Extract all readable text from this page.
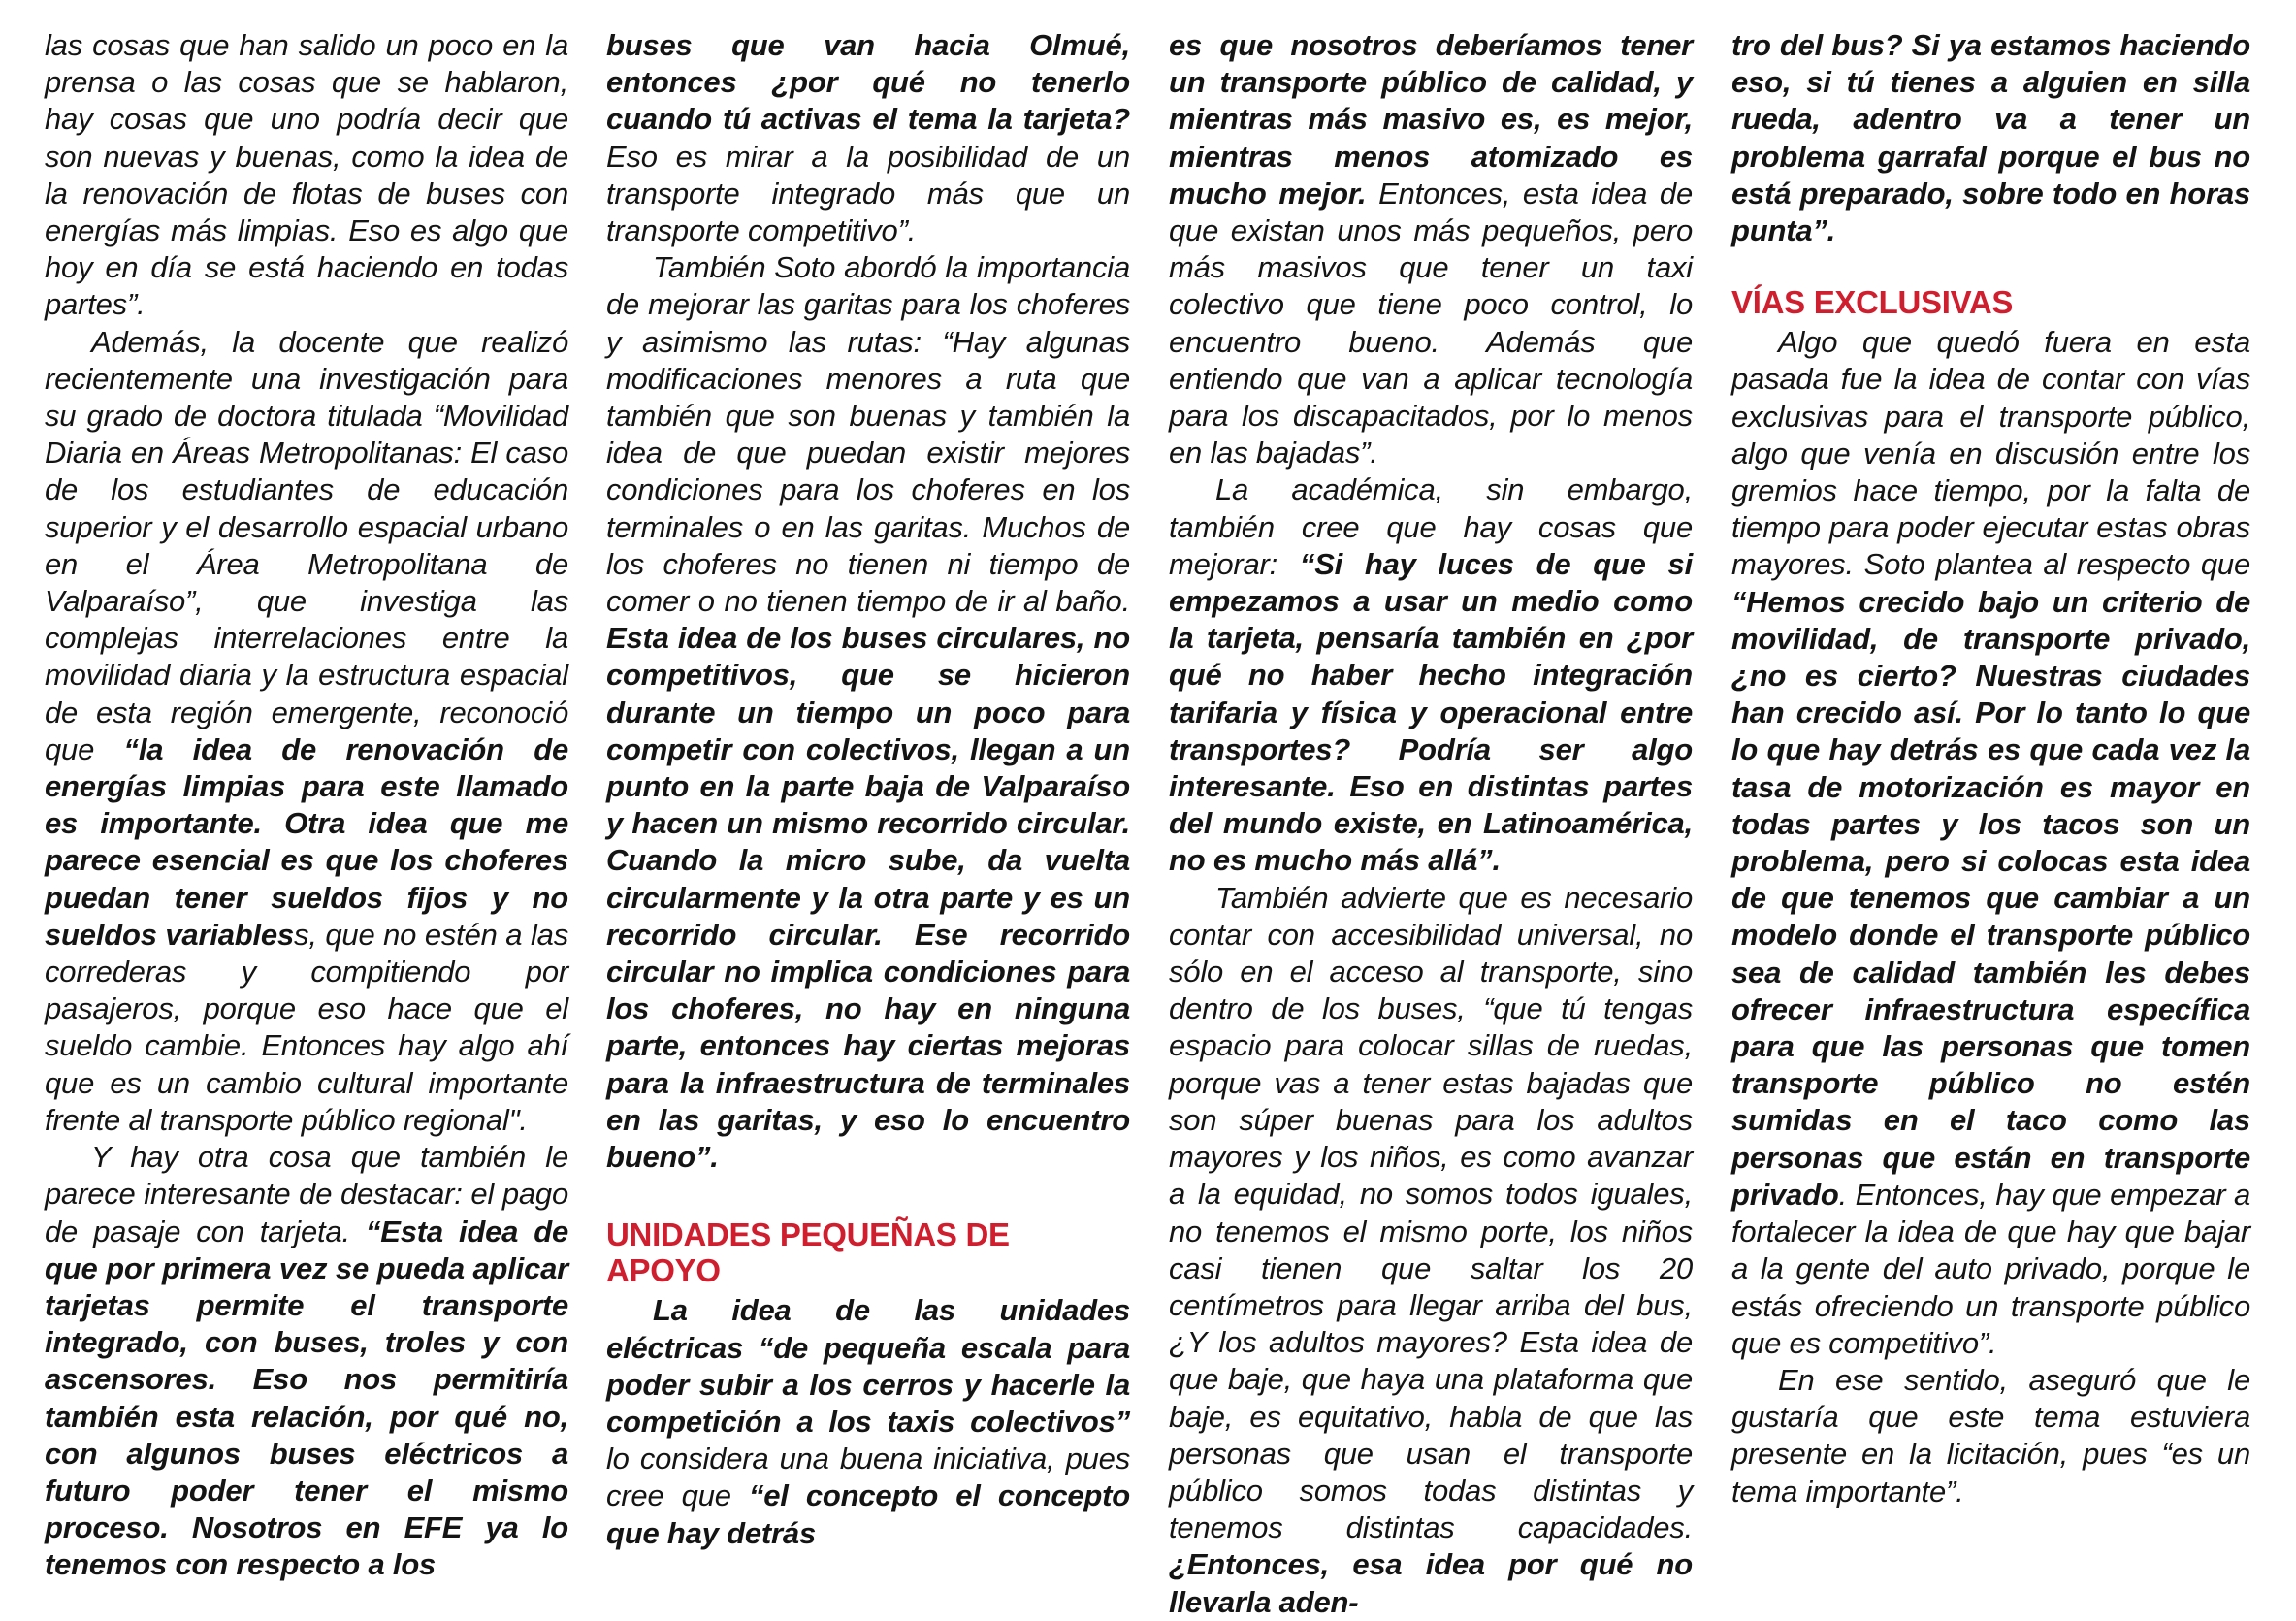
las cosas que han salido un poco en la prensa o las cosas que se hablaron, hay cosas que uno podría decir que son nuevas y buenas, como la idea de la renovación de flotas de buses con energías más limpias. Eso es algo que hoy en día se está haciendo en todas partes”.

Además, la docente que realizó recientemente una investigación para su grado de doctora titulada “Movilidad Diaria en Áreas Metropolitanas: El caso de los estudiantes de educación superior y el desarrollo espacial urbano en el Área Metropolitana de Valparaíso”, que investiga las complejas interrelaciones entre la movilidad diaria y la estructura espacial de esta región emergente, reconoció que “la idea de renovación de energías limpias para este llamado es importante. Otra idea que me parece esencial es que los choferes puedan tener sueldos fijos y no sueldos variabless, que no estén a las correderas y compitiendo por pasajeros, porque eso hace que el sueldo cambie. Entonces hay algo ahí que es un cambio cultural importante frente al transporte público regional".

Y hay otra cosa que también le parece interesante de destacar: el pago de pasaje con tarjeta. “Esta idea de que por primera vez se pueda aplicar tarjetas permite el transporte integrado, con buses, troles y con ascensores. Eso nos permitiría también esta relación, por qué no, con algunos buses eléctricos a futuro poder tener el mismo proceso. Nosotros en EFE ya lo tenemos con respecto a los

buses que van hacia Olmué, entonces ¿por qué no tenerlo cuando tú activas el tema la tarjeta? Eso es mirar a la posibilidad de un transporte integrado más que un transporte competitivo”.

También Soto abordó la importancia de mejorar las garitas para los choferes y asimismo las rutas: “Hay algunas modificaciones menores a ruta que también que son buenas y también la idea de que puedan existir mejores condiciones para los choferes en los terminales o en las garitas. Muchos de los choferes no tienen ni tiempo de comer o no tienen tiempo de ir al baño. Esta idea de los buses circulares, no competitivos, que se hicieron durante un tiempo un poco para competir con colectivos, llegan a un punto en la parte baja de Valparaíso y hacen un mismo recorrido circular. Cuando la micro sube, da vuelta circularmente y la otra parte y es un recorrido circular. Ese recorrido circular no implica condiciones para los choferes, no hay en ninguna parte, entonces hay ciertas mejoras para la infraestructura de terminales en las garitas, y eso lo encuentro bueno”.

UNIDADES PEQUEÑAS DE APOYO

La idea de las unidades eléctricas “de pequeña escala para poder subir a los cerros y hacerle la competición a los taxis colectivos” lo considera una buena iniciativa, pues cree que “el concepto el concepto que hay detrás

es que nosotros deberíamos tener un transporte público de calidad, y mientras más masivo es, es mejor, mientras menos atomizado es mucho mejor. Entonces, esta idea de que existan unos más pequeños, pero más masivos que tener un taxi colectivo que tiene poco control, lo encuentro bueno. Además que entiendo que van a aplicar tecnología para los discapacitados, por lo menos en las bajadas”.

La académica, sin embargo, también cree que hay cosas que mejorar: “Si hay luces de que si empezamos a usar un medio como la tarjeta, pensaría también en ¿por qué no haber hecho integración tarifaria y física y operacional entre transportes? Podría ser algo interesante. Eso en distintas partes del mundo existe, en Latinoamérica, no es mucho más allá”.

También advierte que es necesario contar con accesibilidad universal, no sólo en el acceso al transporte, sino dentro de los buses, “que tú tengas espacio para colocar sillas de ruedas, porque vas a tener estas bajadas que son súper buenas para los adultos mayores y los niños, es como avanzar a la equidad, no somos todos iguales, no tenemos el mismo porte, los niños casi tienen que saltar los 20 centímetros para llegar arriba del bus, ¿Y los adultos mayores? Esta idea de que baje, que haya una plataforma que baje, es equitativo, habla de que las personas que usan el transporte público somos todas distintas y tenemos distintas capacidades. ¿Entonces, esa idea por qué no llevarla aden-

tro del bus? Si ya estamos haciendo eso, si tú tienes a alguien en silla rueda, adentro va a tener un problema garrafal porque el bus no está preparado, sobre todo en horas punta”.

VÍAS EXCLUSIVAS

Algo que quedó fuera en esta pasada fue la idea de contar con vías exclusivas para el transporte público, algo que venía en discusión entre los gremios hace tiempo, por la falta de tiempo para poder ejecutar estas obras mayores. Soto plantea al respecto que “Hemos crecido bajo un criterio de movilidad, de transporte privado, ¿no es cierto? Nuestras ciudades han crecido así. Por lo tanto lo que lo que hay detrás es que cada vez la tasa de motorización es mayor en todas partes y los tacos son un problema, pero si colocas esta idea de que tenemos que cambiar a un modelo donde el transporte público sea de calidad también les debes ofrecer infraestructura específica para que las personas que tomen transporte público no estén sumidas en el taco como las personas que están en transporte privado. Entonces, hay que empezar a fortalecer la idea de que hay que bajar a la gente del auto privado, porque le estás ofreciendo un transporte público que es competitivo”.

En ese sentido, aseguró que le gustaría que este tema estuviera presente en la licitación, pues “es un tema importante”.
